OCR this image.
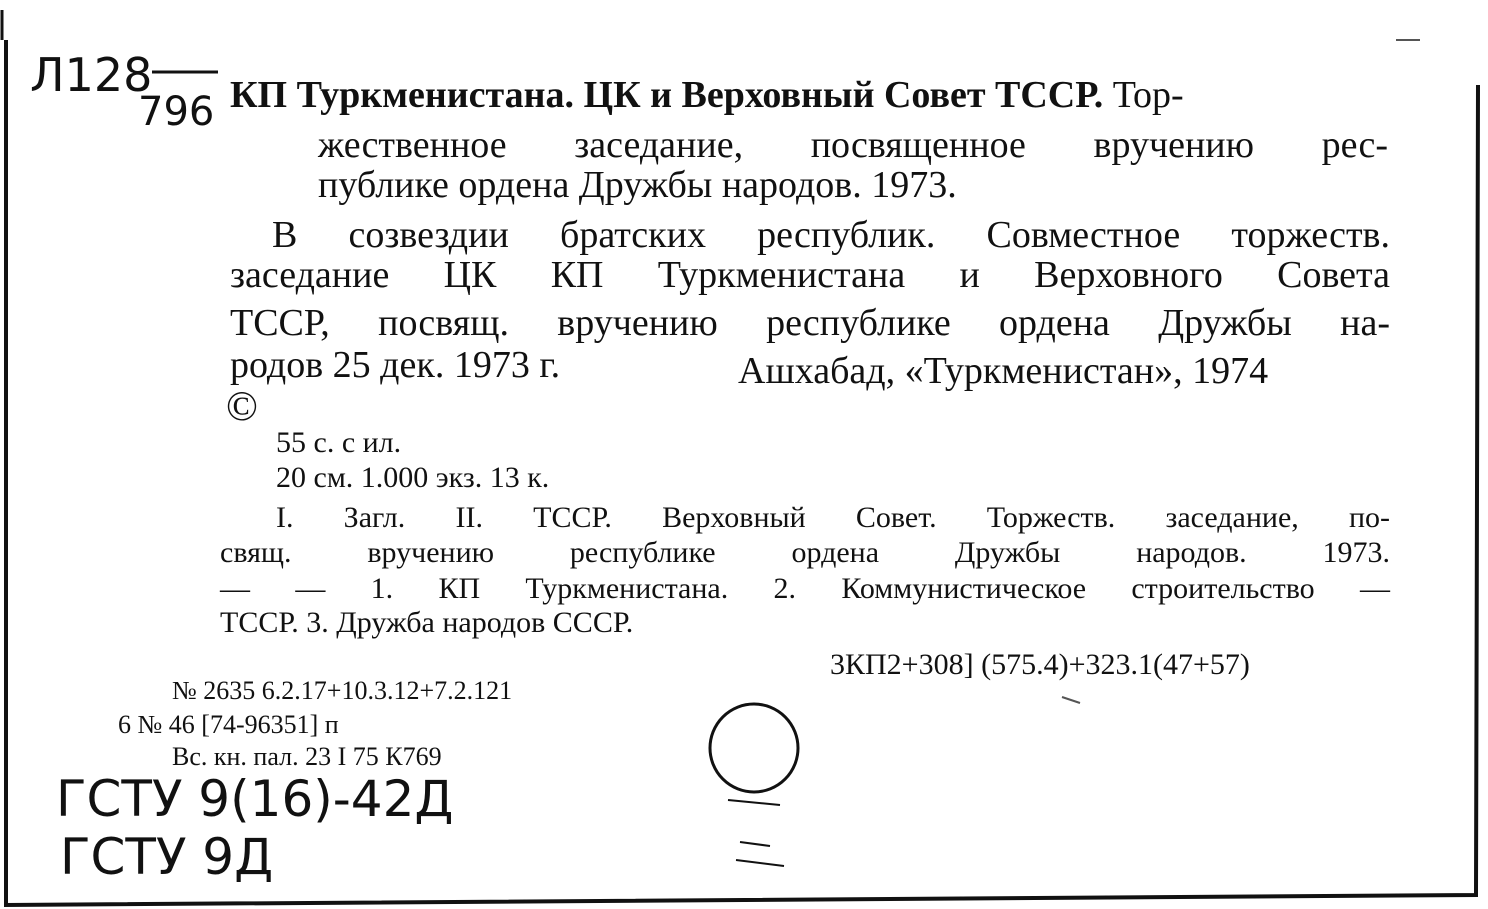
Л128
796 КП Туркменистана. ЦК и Верховный Совет ТССР. Тор-
жественное заседание, посвященное вручению рес-
публике ордена Дружбы народов. 1973.
В созвездии братских республик. Совместное торжеств.
заседание ЦК КП Туркменистана и Верховного Совета
ТССР, посвящ. вручению республике ордена Дружбы на-
родов 25 дек. 1973 г.	Ашхабад, «Туркменистан», 1974
©
55 с. с ил.
20 см. 1.000 экз. 13 к.
I. Загл. II. ТССР. Верховный Совет. Торжеств. заседание, по-
свящ. вручению республике ордена Дружбы народов. 1973.
— — 1. КП Туркменистана. 2. Коммунистическое строительство —
ТССР. 3. Дружба народов СССР.
3КП2+308] (575.4)+323.1(47+57)
№ 2635 6.2.17+10.3.12+7.2.121
6 № 46 [74-96351] п
Вс. кн. пал. 23 I 75 К769
ГСТУ 9(16)-42Д
ГСТУ 9Д
